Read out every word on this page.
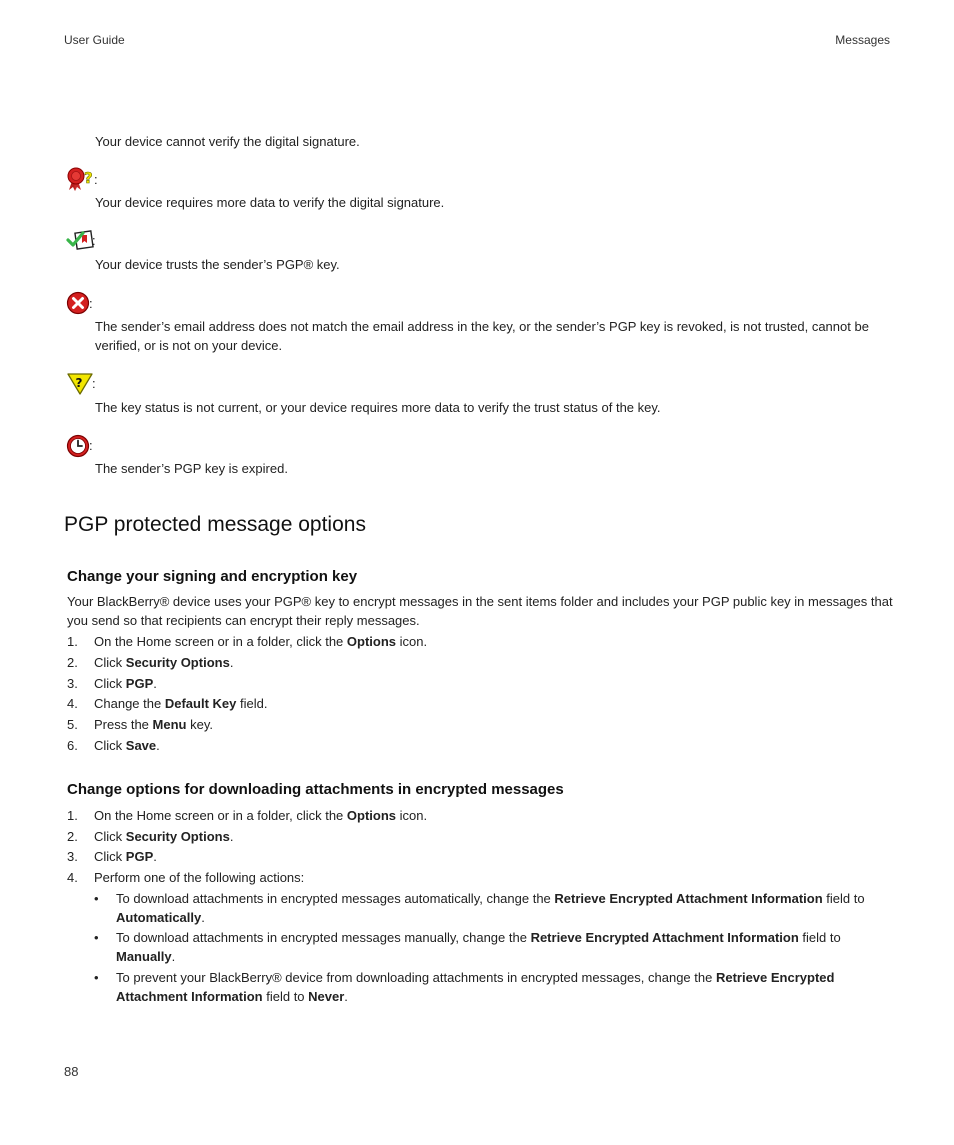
User Guide	Messages
Your device cannot verify the digital signature.
? :
Your device requires more data to verify the digital signature.
:
Your device trusts the sender’s PGP® key.
:
The sender’s email address does not match the email address in the key, or the sender’s PGP key is revoked, is not trusted, cannot be verified, or is not on your device.
? :
The key status is not current, or your device requires more data to verify the trust status of the key.
:
The sender’s PGP key is expired.
PGP protected message options
Change your signing and encryption key
Your BlackBerry® device uses your PGP® key to encrypt messages in the sent items folder and includes your PGP public key in messages that you send so that recipients can encrypt their reply messages.
1. On the Home screen or in a folder, click the Options icon.
2. Click Security Options.
3. Click PGP.
4. Change the Default Key field.
5. Press the Menu key.
6. Click Save.
Change options for downloading attachments in encrypted messages
1. On the Home screen or in a folder, click the Options icon.
2. Click Security Options.
3. Click PGP.
4. Perform one of the following actions:
• To download attachments in encrypted messages automatically, change the Retrieve Encrypted Attachment Information field to Automatically.
• To download attachments in encrypted messages manually, change the Retrieve Encrypted Attachment Information field to Manually.
• To prevent your BlackBerry® device from downloading attachments in encrypted messages, change the Retrieve Encrypted Attachment Information field to Never.
88
